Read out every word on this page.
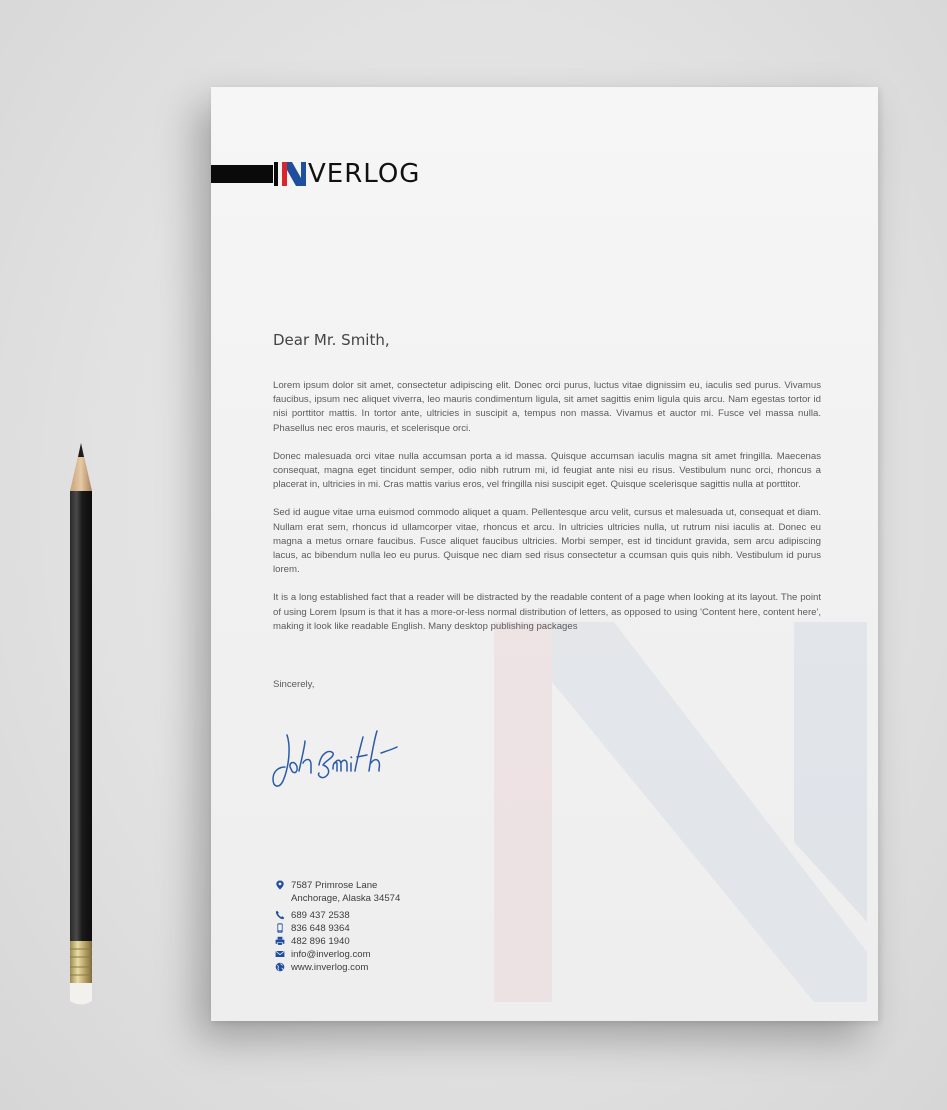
VERLOG
Dear Mr. Smith,

Lorem ipsum dolor sit amet, consectetur adipiscing elit. Donec orci purus, luctus vitae dignissim eu, iaculis sed purus. Vivamus faucibus, ipsum nec aliquet viverra, leo mauris condimentum ligula, sit amet sagittis enim ligula quis arcu. Nam egestas tortor id nisi porttitor mattis. In tortor ante, ultricies in suscipit a, tempus non massa. Vivamus et auctor mi. Fusce vel massa nulla. Phasellus nec eros mauris, et scelerisque orci.

Donec malesuada orci vitae nulla accumsan porta a id massa. Quisque accumsan iaculis magna sit amet fringilla. Maecenas consequat, magna eget tincidunt semper, odio nibh rutrum mi, id feugiat ante nisi eu risus. Vestibulum nunc orci, rhoncus a placerat in, ultricies in mi. Cras mattis varius eros, vel fringilla nisi suscipit eget. Quisque scelerisque sagittis nulla at porttitor.

Sed id augue vitae urna euismod commodo aliquet a quam. Pellentesque arcu velit, cursus et malesuada ut, consequat et diam. Nullam erat sem, rhoncus id ullamcorper vitae, rhoncus et arcu. In ultricies ultricies nulla, ut rutrum nisi iaculis at. Donec eu magna a metus ornare faucibus. Fusce aliquet faucibus ultricies. Morbi semper, est id tincidunt gravida, sem arcu adipiscing lacus, ac bibendum nulla leo eu purus. Quisque nec diam sed risus consectetur a ccumsan quis quis nibh. Vestibulum id purus lorem.

It is a long established fact that a reader will be distracted by the readable content of a page when looking at its layout. The point of using Lorem Ipsum is that it has a more-or-less normal distribution of letters, as opposed to using 'Content here, content here', making it look like readable English. Many desktop publishing packages

Sincerely,
7587 Primrose Lane
Anchorage, Alaska 34574
689 437 2538
836 648 9364
482 896 1940
info@inverlog.com
www.inverlog.com
